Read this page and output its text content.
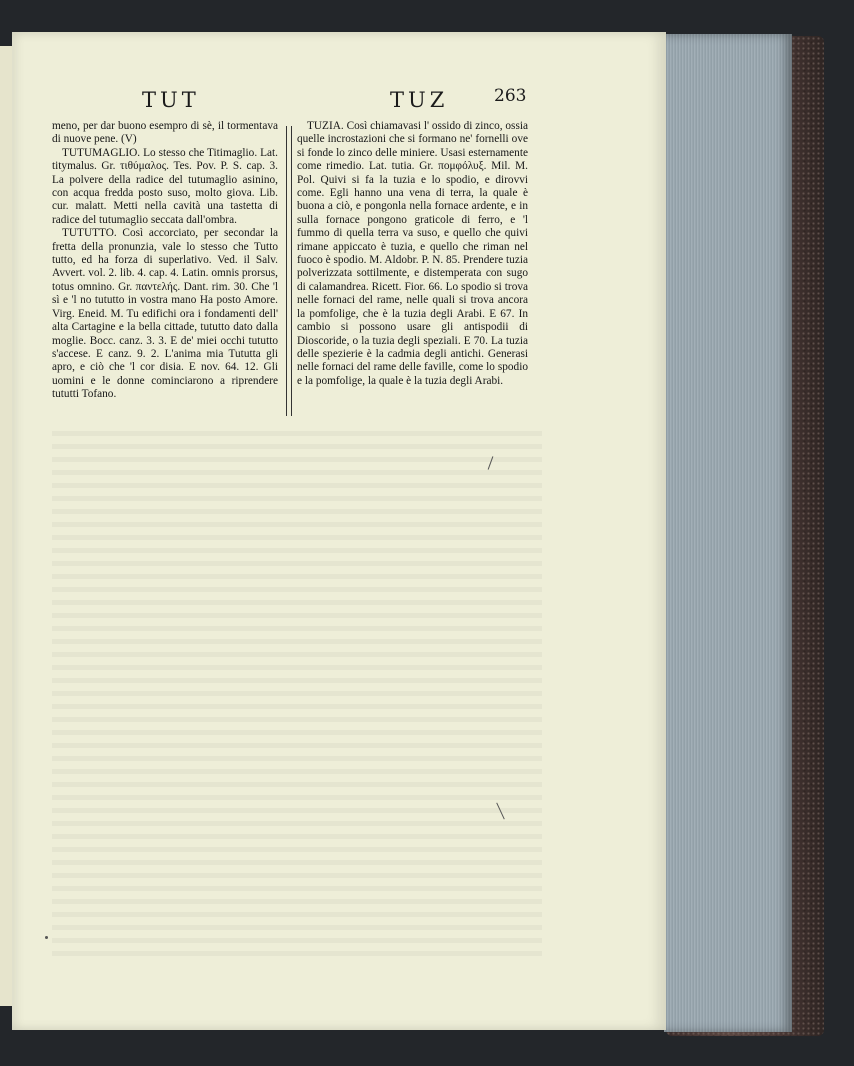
TUT	TUZ	263

meno, per dar buono esempro di sè, il tormentava di nuove pene. (V)

TUTUMAGLIO. Lo stesso che Titimaglio. Lat. titymalus. Gr. τιθύμαλος. Tes. Pov. P. S. cap. 3. La polvere della radice del tutumaglio asinino, con acqua fredda posto suso, molto giova. Lib. cur. malatt. Metti nella cavità una tastetta di radice del tutumaglio seccata dall'ombra.

TUTUTTO. Così accorciato, per secondar la fretta della pronunzia, vale lo stesso che Tutto tutto, ed ha forza di superlativo. Ved. il Salv. Avvert. vol. 2. lib. 4. cap. 4. Latin. omnis prorsus, totus omnino. Gr. παντελής. Dant. rim. 30. Che 'l sì e 'l no tututto in vostra mano Ha posto Amore. Virg. Eneid. M. Tu edifichi ora i fondamenti dell' alta Cartagine e la bella cittade, tututto dato dalla moglie. Bocc. canz. 3. 3. E de' miei occhi tututto s'accese. E canz. 9. 2. L'anima mia Tututta gli apro, e ciò che 'l cor disia. E nov. 64. 12. Gli uomini e le donne cominciarono a riprendere tututti Tofano.

TUZIA. Così chiamavasi l' ossido di zinco, ossia quelle incrostazioni che si formano ne' fornelli ove si fonde lo zinco delle miniere. Usasi esternamente come rimedio. Lat. tutia. Gr. πομφόλυξ. Mil. M. Pol. Quivi si fa la tuzia e lo spodio, e dirovvi come. Egli hanno una vena di terra, la quale è buona a ciò, e pongonla nella fornace ardente, e in sulla fornace pongono graticole di ferro, e 'l fummo di quella terra va suso, e quello che quivi rimane appiccato è tuzia, e quello che riman nel fuoco è spodio. M. Aldobr. P. N. 85. Prendere tuzia polverizzata sottilmente, e distemperata con sugo di calamandrea. Ricett. Fior. 66. Lo spodio si trova nelle fornaci del rame, nelle quali si trova ancora la pomfolige, che è la tuzia degli Arabi. E 67. In cambio si possono usare gli antispodii di Dioscoride, o la tuzia degli speziali. E 70. La tuzia delle spezierie è la cadmia degli antichi. Generasi nelle fornaci del rame delle faville, come lo spodio e la pomfolige, la quale è la tuzia degli Arabi.
